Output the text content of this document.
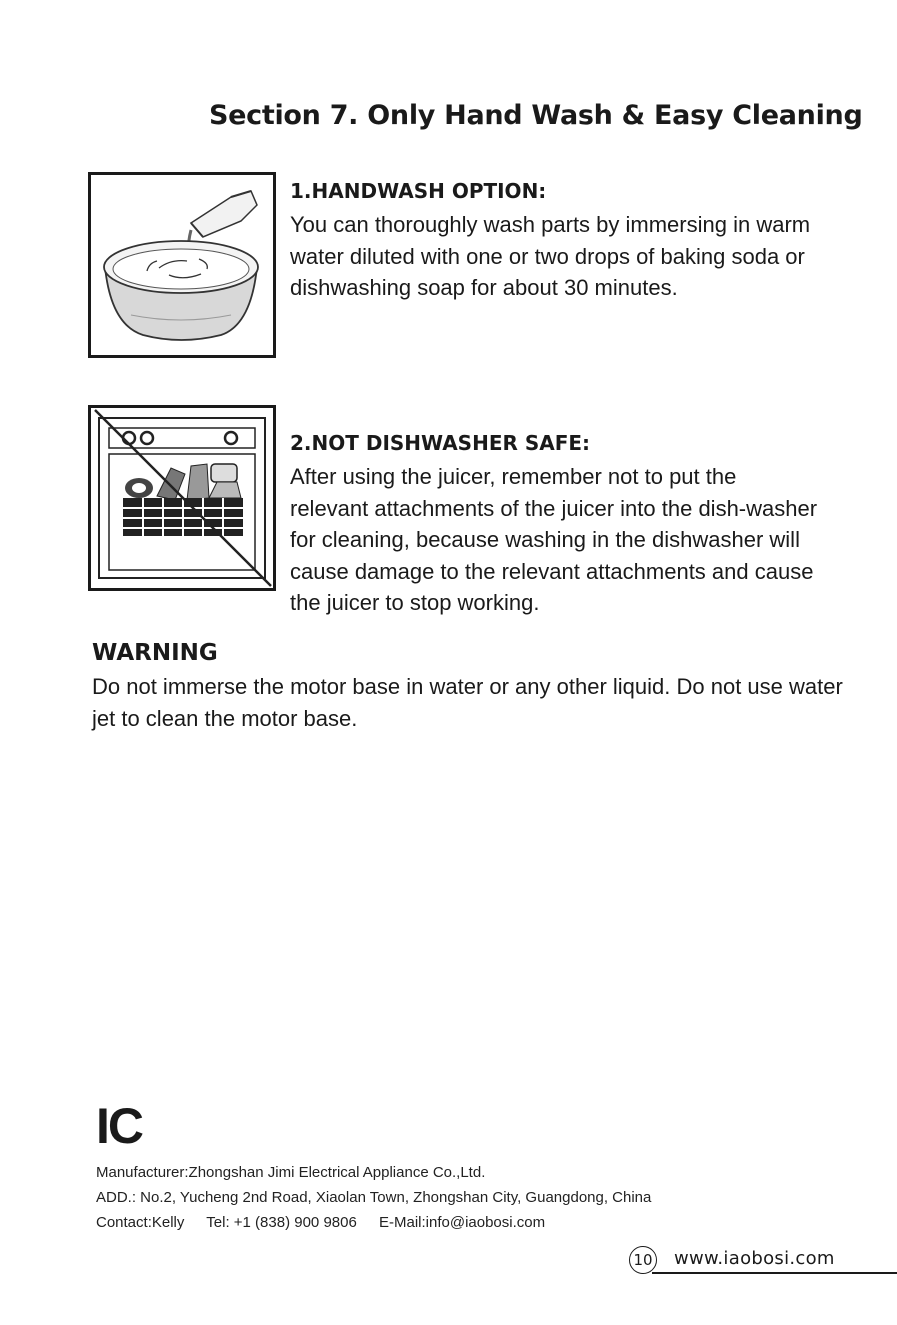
Section 7. Only Hand Wash & Easy Cleaning
1.HANDWASH OPTION:
You can thoroughly wash parts by immersing in warm water diluted with one or two drops of baking soda or dishwashing soap for about 30 minutes.
2.NOT DISHWASHER SAFE:
After using the juicer, remember not to put the relevant attachments of the juicer into the dish-washer for cleaning, because washing in the dishwasher will cause damage to the relevant attachments and cause the juicer to stop working.
WARNING
Do not immerse the motor base in water or any other liquid. Do not use water jet to clean the motor base.
IC
Manufacturer:Zhongshan Jimi Electrical Appliance Co.,Ltd.
ADD.: No.2, Yucheng 2nd Road, Xiaolan Town, Zhongshan City, Guangdong, China
Contact:Kelly Tel: +1 (838) 900 9806 E-Mail:info@iaobosi.com
10 www.iaobosi.com
